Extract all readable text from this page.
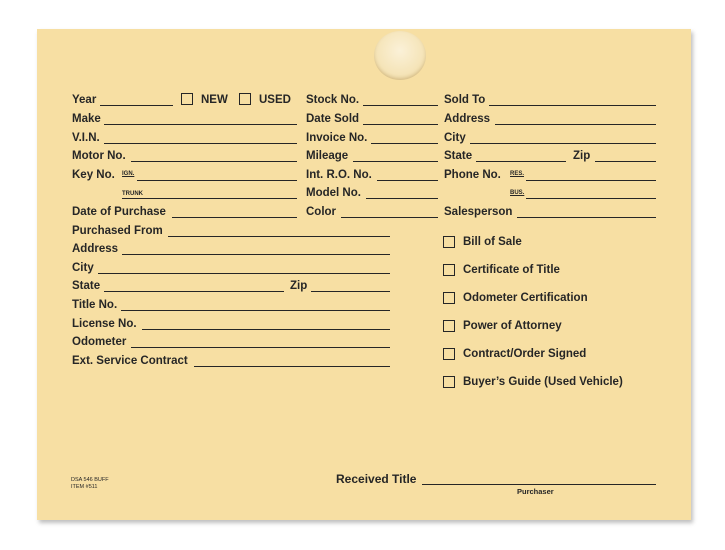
Year	NEW	USED
Make
V.I.N.
Motor No.
Key No. IGN.
TRUNK
Date of Purchase
Purchased From
Address
City
State	Zip
Title No.
License No.
Odometer
Ext. Service Contract
Stock No.
Date Sold
Invoice No.
Mileage
Int. R.O. No.
Model No.
Color
Sold To
Address
City
State	Zip
Phone No. RES.
BUS.
Salesperson
Bill of Sale
Certificate of Title
Odometer Certification
Power of Attorney
Contract/Order Signed
Buyer’s Guide (Used Vehicle)
DSA 546 BUFF
ITEM #511
Received Title
Purchaser
